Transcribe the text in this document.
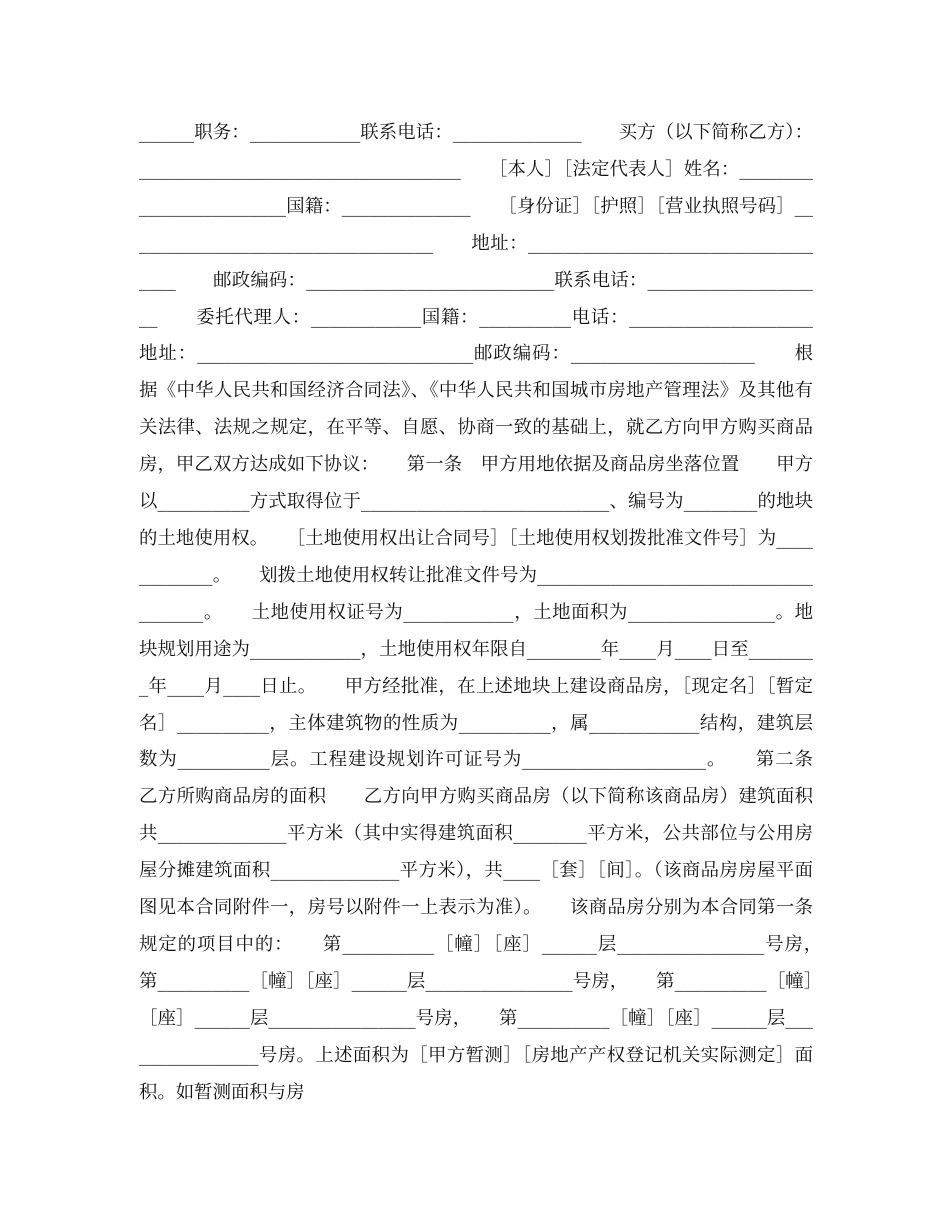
______职务：____________联系电话：______________　　买方（以下简称乙方）：___________________________________　　［本人］［法定代表人］姓名：________________________国籍：______________　　［身份证］［护照］［营业执照号码］__________________________________　　地址：___________________________________　　邮政编码：___________________________联系电话：____________________　　委托代理人：____________国籍：__________电话：____________________　　地址：______________________________邮政编码：____________________　　根据《中华人民共和国经济合同法》、《中华人民共和国城市房地产管理法》及其他有关法律、法规之规定，在平等、自愿、协商一致的基础上，就乙方向甲方购买商品房，甲乙双方达成如下协议：　　第一条　甲方用地依据及商品房坐落位置　　甲方以__________方式取得位于___________________________、编号为________的地块的土地使用权。　　［土地使用权出让合同号］［土地使用权划拨批准文件号］为____________。　　划拨土地使用权转让批准文件号为_____________________________________。　　土地使用权证号为____________，土地面积为________________。地块规划用途为____________，土地使用权年限自________年____月____日至________年____月____日止。　　甲方经批准，在上述地块上建设商品房，［现定名］［暂定名］__________，主体建筑物的性质为__________，属____________结构，建筑层数为__________层。工程建设规划许可证号为____________________。　　第二条　乙方所购商品房的面积　　乙方向甲方购买商品房（以下简称该商品房）建筑面积共______________平方米（其中实得建筑面积________平方米，公共部位与公用房屋分摊建筑面积______________平方米），共____［套］［间］。（该商品房房屋平面图见本合同附件一，房号以附件一上表示为准）。　　该商品房分别为本合同第一条规定的项目中的：　　第__________［幢］［座］______层________________号房，　　第__________［幢］［座］______层________________号房，　　第__________［幢］［座］______层________________号房，　　第__________［幢］［座］______层________________号房。上述面积为［甲方暂测］［房地产产权登记机关实际测定］面积。如暂测面积与房
